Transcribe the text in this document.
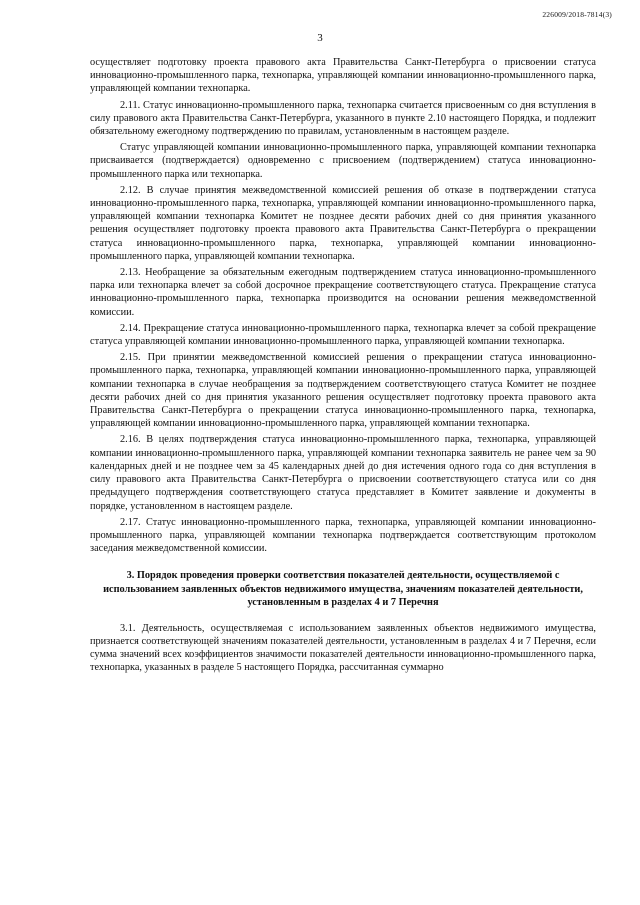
226009/2018-7814(3)
3

осуществляет подготовку проекта правового акта Правительства Санкт-Петербурга о присвоении статуса инновационно-промышленного парка, технопарка, управляющей компании инновационно-промышленного парка, управляющей компании технопарка.

2.11. Статус инновационно-промышленного парка, технопарка считается присвоенным со дня вступления в силу правового акта Правительства Санкт-Петербурга, указанного в пункте 2.10 настоящего Порядка, и подлежит обязательному ежегодному подтверждению по правилам, установленным в настоящем разделе.

Статус управляющей компании инновационно-промышленного парка, управляющей компании технопарка присваивается (подтверждается) одновременно с присвоением (подтверждением) статуса инновационно-промышленного парка или технопарка.

2.12. В случае принятия межведомственной комиссией решения об отказе в подтверждении статуса инновационно-промышленного парка, технопарка, управляющей компании инновационно-промышленного парка, управляющей компании технопарка Комитет не позднее десяти рабочих дней со дня принятия указанного решения осуществляет подготовку проекта правового акта Правительства Санкт-Петербурга о прекращении статуса инновационно-промышленного парка, технопарка, управляющей компании инновационно-промышленного парка, управляющей компании технопарка.

2.13. Необращение за обязательным ежегодным подтверждением статуса инновационно-промышленного парка или технопарка влечет за собой досрочное прекращение соответствующего статуса. Прекращение статуса инновационно-промышленного парка, технопарка производится на основании решения межведомственной комиссии.

2.14. Прекращение статуса инновационно-промышленного парка, технопарка влечет за собой прекращение статуса управляющей компании инновационно-промышленного парка, управляющей компании технопарка.

2.15. При принятии межведомственной комиссией решения о прекращении статуса инновационно-промышленного парка, технопарка, управляющей компании инновационно-промышленного парка, управляющей компании технопарка в случае необращения за подтверждением соответствующего статуса Комитет не позднее десяти рабочих дней со дня принятия указанного решения осуществляет подготовку проекта правового акта Правительства Санкт-Петербурга о прекращении статуса инновационно-промышленного парка, технопарка, управляющей компании инновационно-промышленного парка, управляющей компании технопарка.

2.16. В целях подтверждения статуса инновационно-промышленного парка, технопарка, управляющей компании инновационно-промышленного парка, управляющей компании технопарка заявитель не ранее чем за 90 календарных дней и не позднее чем за 45 календарных дней до дня истечения одного года со дня вступления в силу правового акта Правительства Санкт-Петербурга о присвоении соответствующего статуса или со дня предыдущего подтверждения соответствующего статуса представляет в Комитет заявление и документы в порядке, установленном в настоящем разделе.

2.17. Статус инновационно-промышленного парка, технопарка, управляющей компании инновационно-промышленного парка, управляющей компании технопарка подтверждается соответствующим протоколом заседания межведомственной комиссии.

3. Порядок проведения проверки соответствия показателей деятельности, осуществляемой с использованием заявленных объектов недвижимого имущества, значениям показателей деятельности, установленным в разделах 4 и 7 Перечня

3.1. Деятельность, осуществляемая с использованием заявленных объектов недвижимого имущества, признается соответствующей значениям показателей деятельности, установленным в разделах 4 и 7 Перечня, если сумма значений всех коэффициентов значимости показателей деятельности инновационно-промышленного парка, технопарка, указанных в разделе 5 настоящего Порядка, рассчитанная суммарно
